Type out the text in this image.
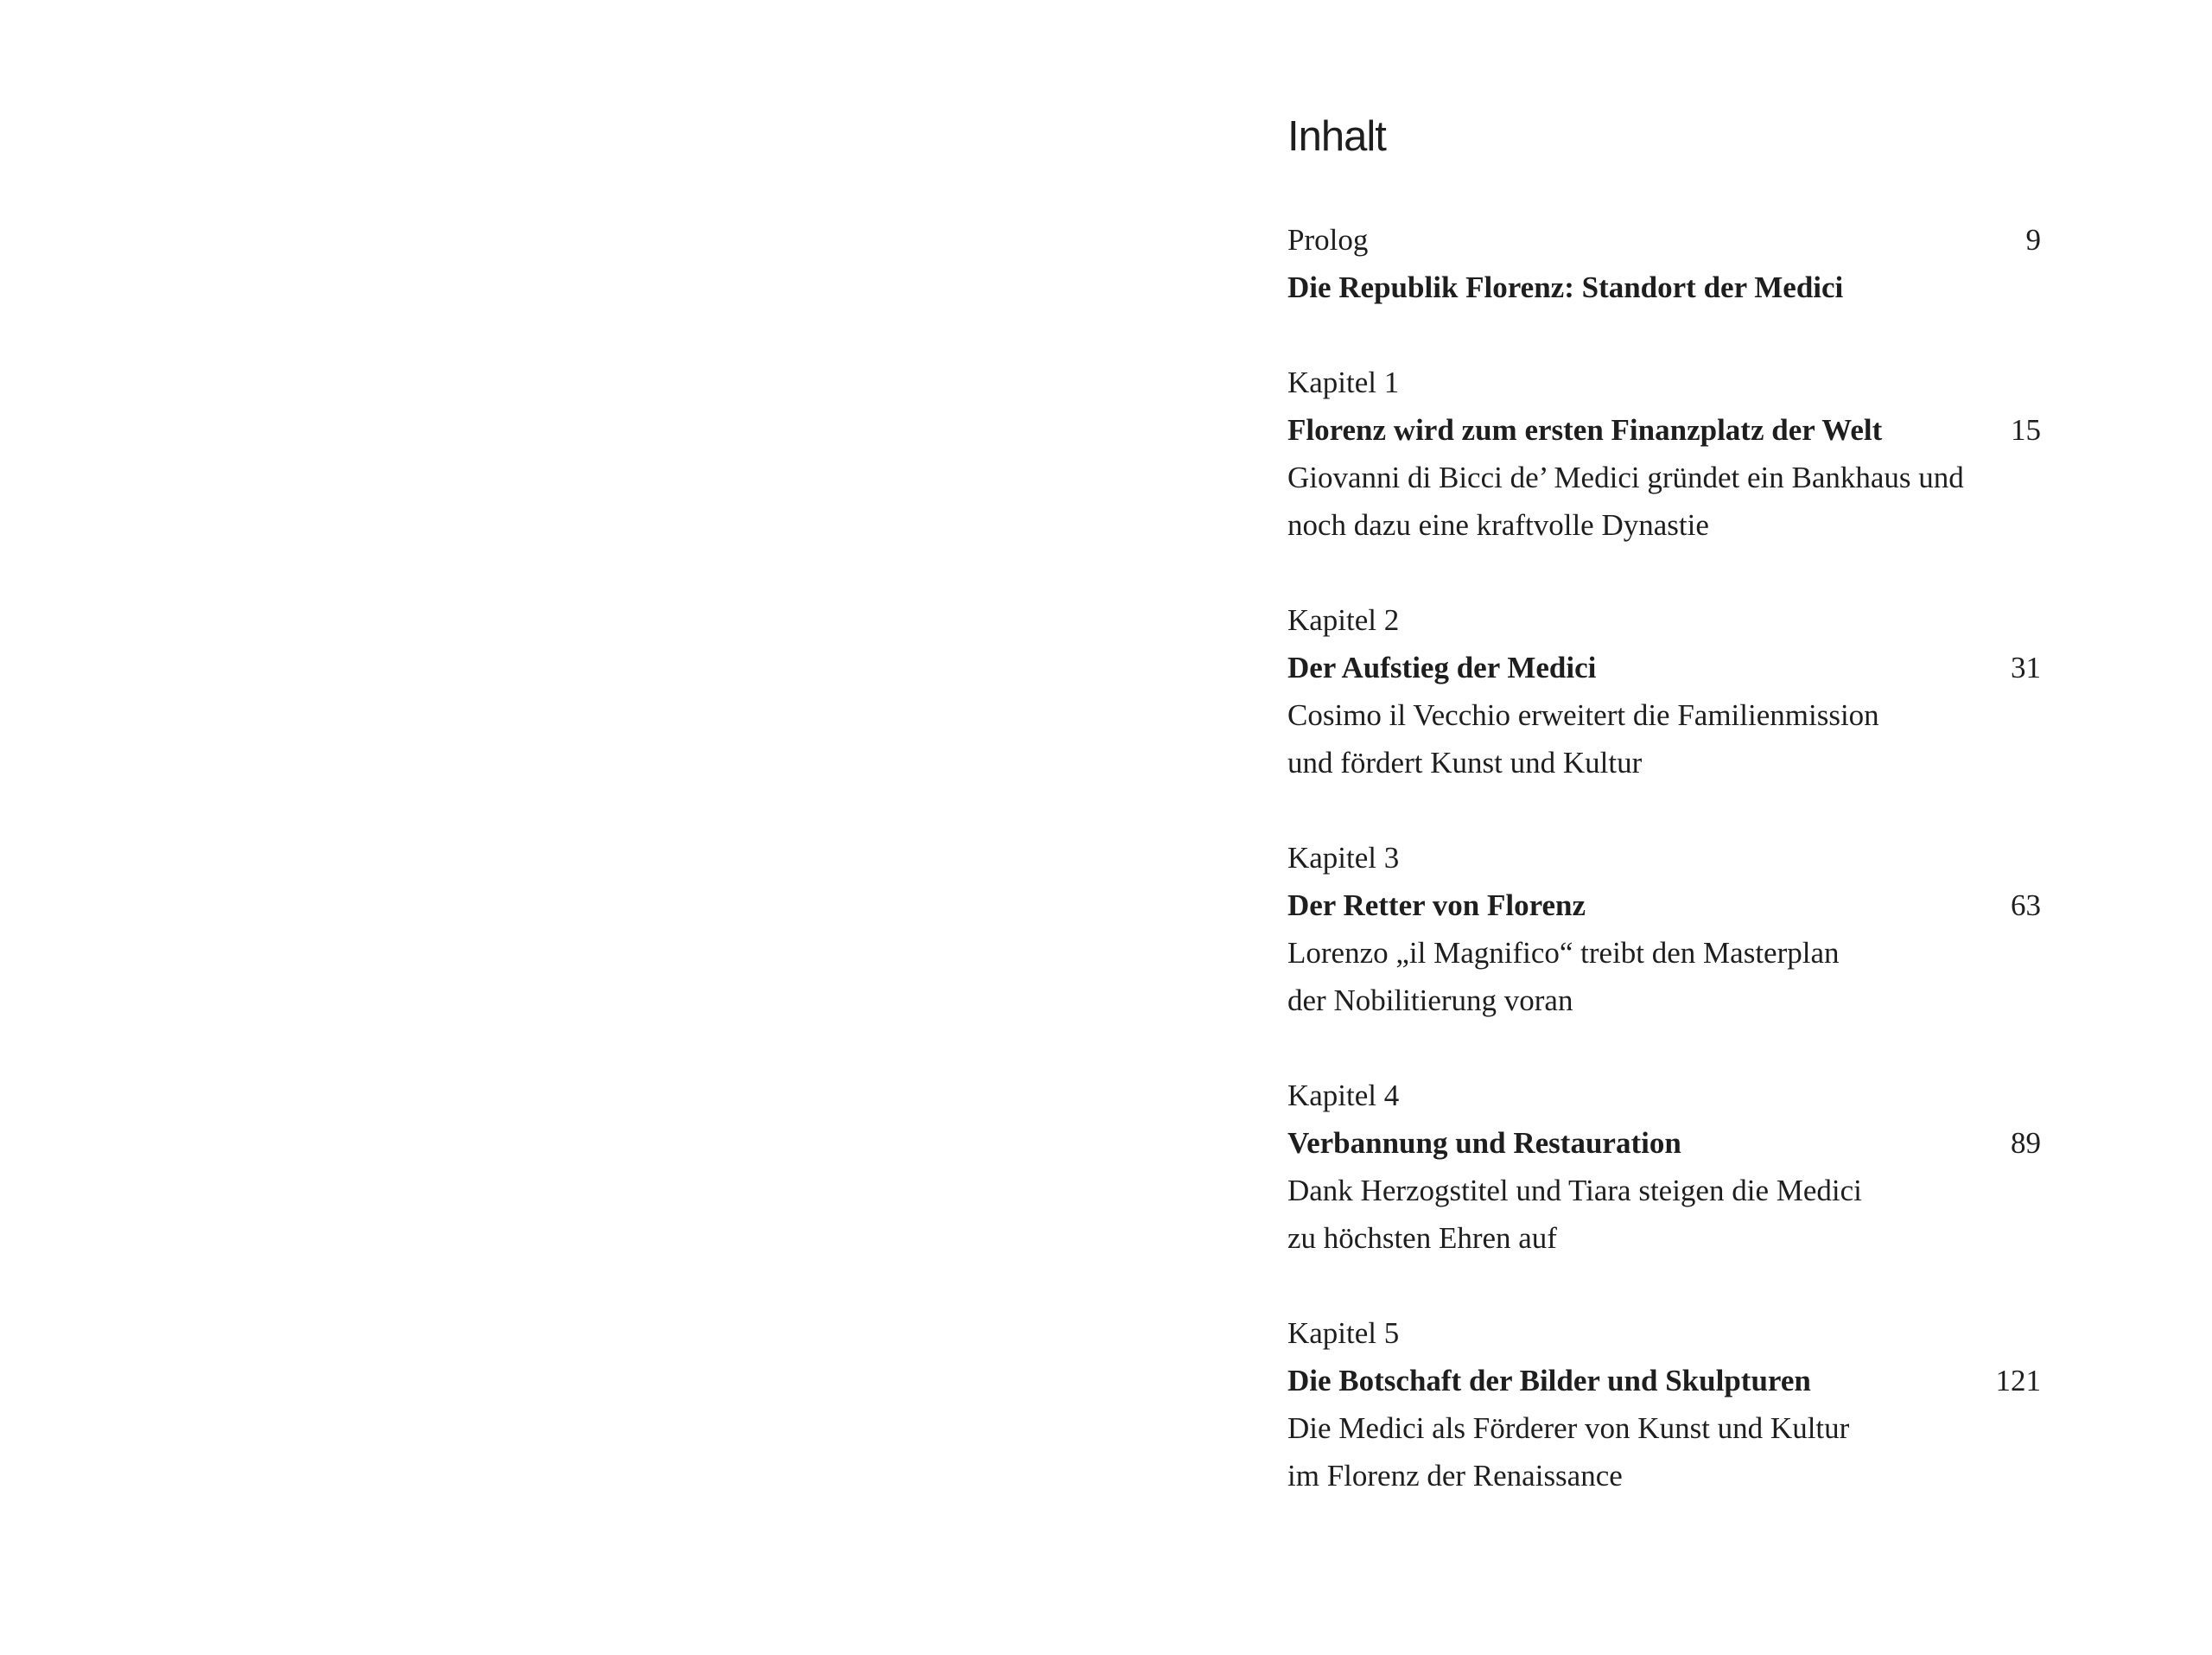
Inhalt
Prolog	9
Die Republik Florenz: Standort der Medici
Kapitel 1
Florenz wird zum ersten Finanzplatz der Welt	15
Giovanni di Bicci de’ Medici gründet ein Bankhaus und
noch dazu eine kraftvolle Dynastie
Kapitel 2
Der Aufstieg der Medici	31
Cosimo il Vecchio erweitert die Familienmission
und fördert Kunst und Kultur
Kapitel 3
Der Retter von Florenz	63
Lorenzo „il Magnifico“ treibt den Masterplan
der Nobilitierung voran
Kapitel 4
Verbannung und Restauration	89
Dank Herzogstitel und Tiara steigen die Medici
zu höchsten Ehren auf
Kapitel 5
Die Botschaft der Bilder und Skulpturen	121
Die Medici als Förderer von Kunst und Kultur
im Florenz der Renaissance
